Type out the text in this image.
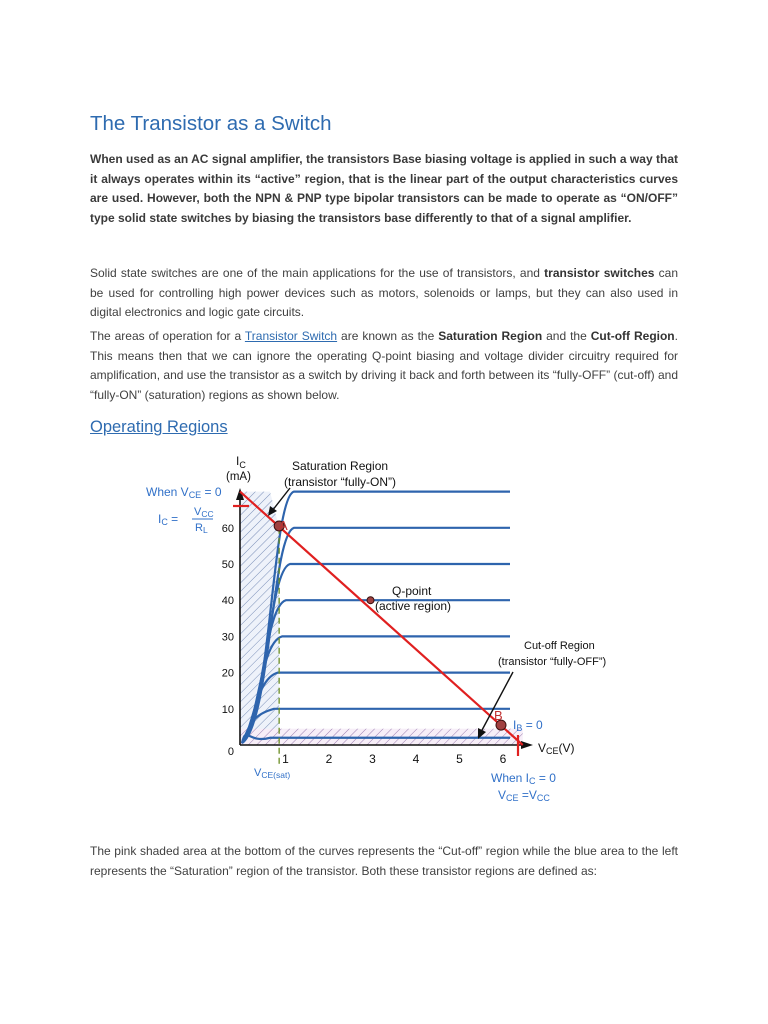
The Transistor as a Switch

When used as an AC signal amplifier, the transistors Base biasing voltage is applied in such a way that it always operates within its “active” region, that is the linear part of the output characteristics curves are used. However, both the NPN & PNP type bipolar transistors can be made to operate as “ON/OFF” type solid state switches by biasing the transistors base differently to that of a signal amplifier.

Solid state switches are one of the main applications for the use of transistors, and transistor switches can be used for controlling high power devices such as motors, solenoids or lamps, but they can also used in digital electronics and logic gate circuits.

The areas of operation for a Transistor Switch are known as the Saturation Region and the Cut-off Region. This means then that we can ignore the operating Q-point biasing and voltage divider circuitry required for amplification, and use the transistor as a switch by driving it back and forth between its “fully-OFF” (cut-off) and “fully-ON” (saturation) regions as shown below.

Operating Regions
1	2	3	4	5	6
0
10
20
30
40
50
60
$I_C$
(mA)
VCE(V)
Saturation Region
(transistor “fully-ON”)
Q-point
(active region)
Cut-off Region
(transistor “fully-OFF”)
When VCE = 0
IC = VCC
RL
IB = 0
VCE(sat)	When IC = 0
VCE =VCC
A
B

The pink shaded area at the bottom of the curves represents the “Cut-off” region while the blue area to the left represents the “Saturation” region of the transistor. Both these transistor regions are defined as:
